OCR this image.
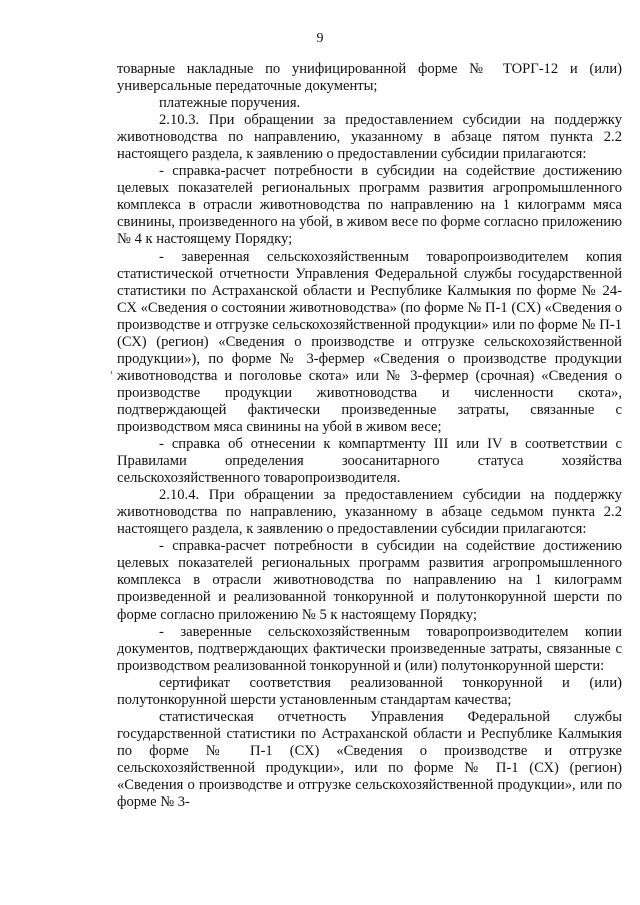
9

товарные накладные по унифицированной форме № ТОРГ-12 и (или) универсальные передаточные документы;

платежные поручения.

2.10.3. При обращении за предоставлением субсидии на поддержку животноводства по направлению, указанному в абзаце пятом пункта 2.2 настоящего раздела, к заявлению о предоставлении субсидии прилагаются:

- справка-расчет потребности в субсидии на содействие достижению целевых показателей региональных программ развития агропромышленного комплекса в отрасли животноводства по направлению на 1 килограмм мяса свинины, произведенного на убой, в живом весе по форме согласно приложению № 4 к настоящему Порядку;

- заверенная сельскохозяйственным товаропроизводителем копия статистической отчетности Управления Федеральной службы государственной статистики по Астраханской области и Республике Калмыкия по форме № 24-СХ «Сведения о состоянии животноводства» (по форме № П-1 (СХ) «Сведения о производстве и отгрузке сельскохозяйственной продукции» или по форме № П-1 (СХ) (регион) «Сведения о производстве и отгрузке сельскохозяйственной продукции»), по форме № 3-фермер «Сведения о производстве продукции животноводства и поголовье скота» или № 3-фермер (срочная) «Сведения о производстве продукции животноводства и численности скота», подтверждающей фактически произведенные затраты, связанные с производством мяса свинины на убой в живом весе;

- справка об отнесении к компартменту III или IV в соответствии с Правилами определения зоосанитарного статуса хозяйства сельскохозяйственного товаропроизводителя.

2.10.4. При обращении за предоставлением субсидии на поддержку животноводства по направлению, указанному в абзаце седьмом пункта 2.2 настоящего раздела, к заявлению о предоставлении субсидии прилагаются:

- справка-расчет потребности в субсидии на содействие достижению целевых показателей региональных программ развития агропромышленного комплекса в отрасли животноводства по направлению на 1 килограмм произведенной и реализованной тонкорунной и полутонкорунной шерсти по форме согласно приложению № 5 к настоящему Порядку;

- заверенные сельскохозяйственным товаропроизводителем копии документов, подтверждающих фактически произведенные затраты, связанные с производством реализованной тонкорунной и (или) полутонкорунной шерсти:

сертификат соответствия реализованной тонкорунной и (или) полутонкорунной шерсти установленным стандартам качества;

статистическая отчетность Управления Федеральной службы государственной статистики по Астраханской области и Республике Калмыкия по форме № П-1 (СХ) «Сведения о производстве и отгрузке сельскохозяйственной продукции», или по форме № П-1 (СХ) (регион) «Сведения о производстве и отгрузке сельскохозяйственной продукции», или по форме № 3-
